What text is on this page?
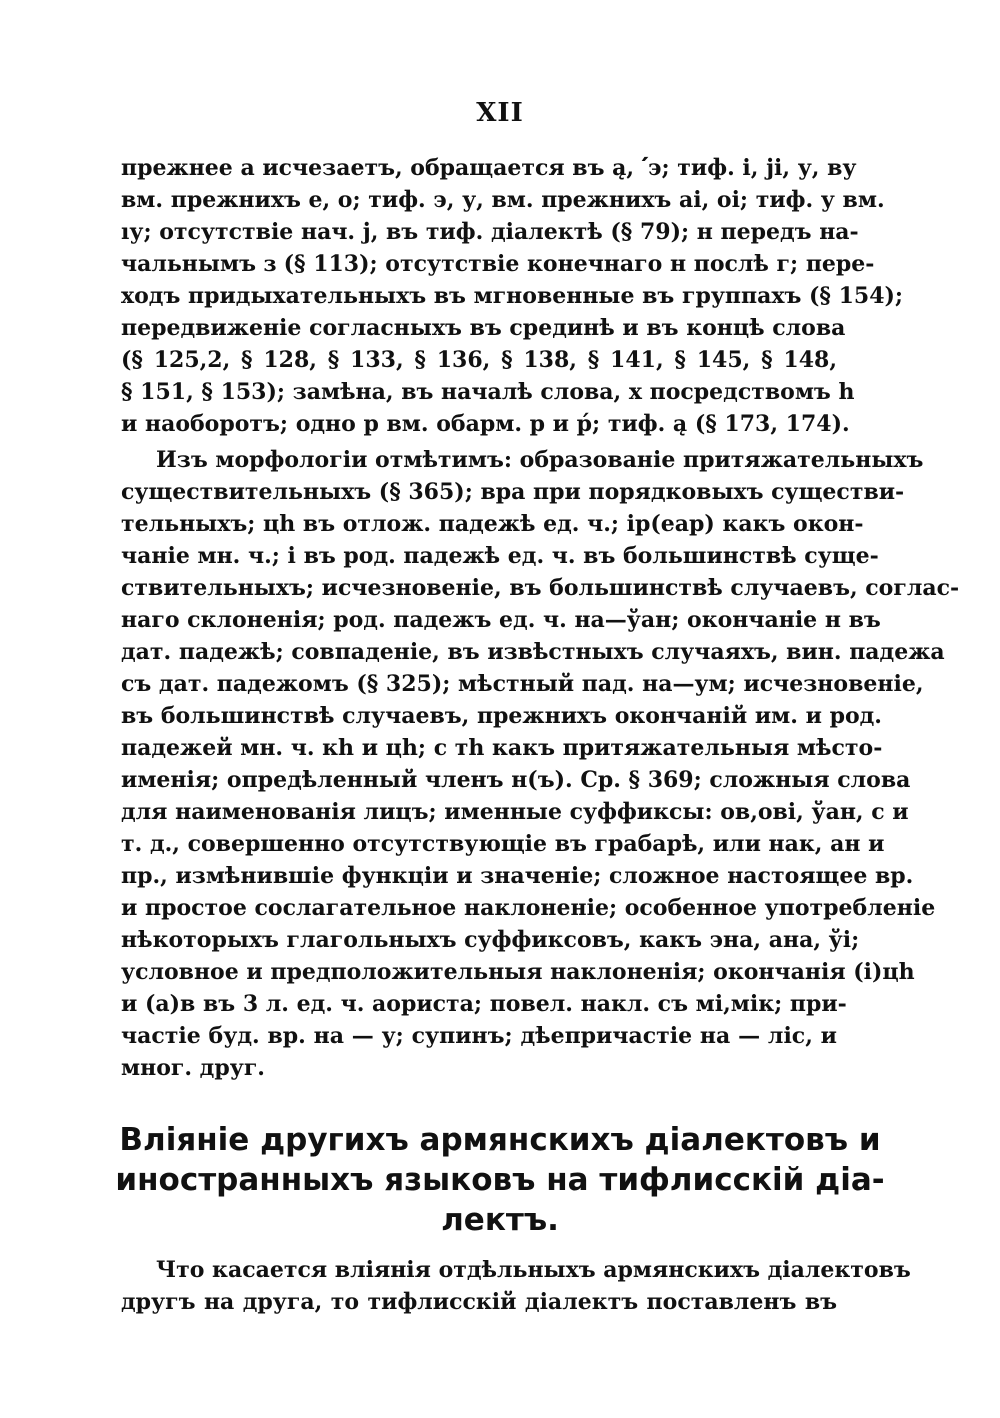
XII
прежнее а исчезаетъ, обращается въ ą, ՛э; тиф. i, јi, у, ву
вм. прежнихъ е, о; тиф. э, у, вм. прежнихъ аі, оі; тиф. у вм.
ıу; отсутствіе нач. ј, въ тиф. діалектѣ (§ 79); н передъ на-
чальнымъ ɜ (§ 113); отсутствіе конечнаго н послѣ г; пере-
ходъ придыхательныхъ въ мгновенные въ группахъ (§ 154);
передвиженіе согласныхъ въ срединѣ и въ концѣ слова
(§ 125,2, § 128, § 133, § 136, § 138, § 141, § 145, § 148,
§ 151, § 153); замѣна, въ началѣ слова, х посредствомъ h
и наоборотъ; одно р вм. обарм. р и ṕ; тиф. ą (§ 173, 174).
Изъ морфологіи отмѣтимъ: образованіе притяжательныхъ
существительныхъ (§ 365); вра при порядковыхъ существи-
тельныхъ; цh въ отлож. падежѣ ед. ч.; ір(еар) какъ окон-
чаніе мн. ч.; і въ род. падежѣ ед. ч. въ большинствѣ суще-
ствительныхъ; исчезновеніе, въ большинствѣ случаевъ, соглас-
наго склоненія; род. падежъ ед. ч. на—ўан; окончаніе н въ
дат. падежѣ; совпаденіе, въ извѣстныхъ случаяхъ, вин. падежа
съ дат. падежомъ (§ 325); мѣстный пад. на—ум; исчезновеніе,
въ большинствѣ случаевъ, прежнихъ окончаній им. и род.
падежей мн. ч. кh и цh; с тh какъ притяжательныя мѣсто-
именія; опредѣленный членъ н(ъ). Ср. § 369; сложныя слова
для наименованія лицъ; именные суффиксы: ов,ові, ўан, с и
т. д., совершенно отсутствующіе въ грабарѣ, или нак, ан и
пр., измѣнившіе функціи и значеніе; сложное настоящее вр.
и простое сослагательное наклоненіе; особенное употребленіе
нѣкоторыхъ глагольныхъ суффиксовъ, какъ эна, ана, ўі;
условное и предположительныя наклоненія; окончанія (і)цh
и (а)в въ 3 л. ед. ч. аориста; повел. накл. съ мі,мік; при-
частіе буд. вр. на — у; супинъ; дѣепричастіе на — ліс, и
мног. друг.
Вліяніе другихъ армянскихъ діалектовъ и
иностранныхъ языковъ на тифлисскій діа-
лектъ.
Что касается вліянія отдѣльныхъ армянскихъ діалектовъ
другъ на друга, то тифлисскій діалектъ поставленъ въ
